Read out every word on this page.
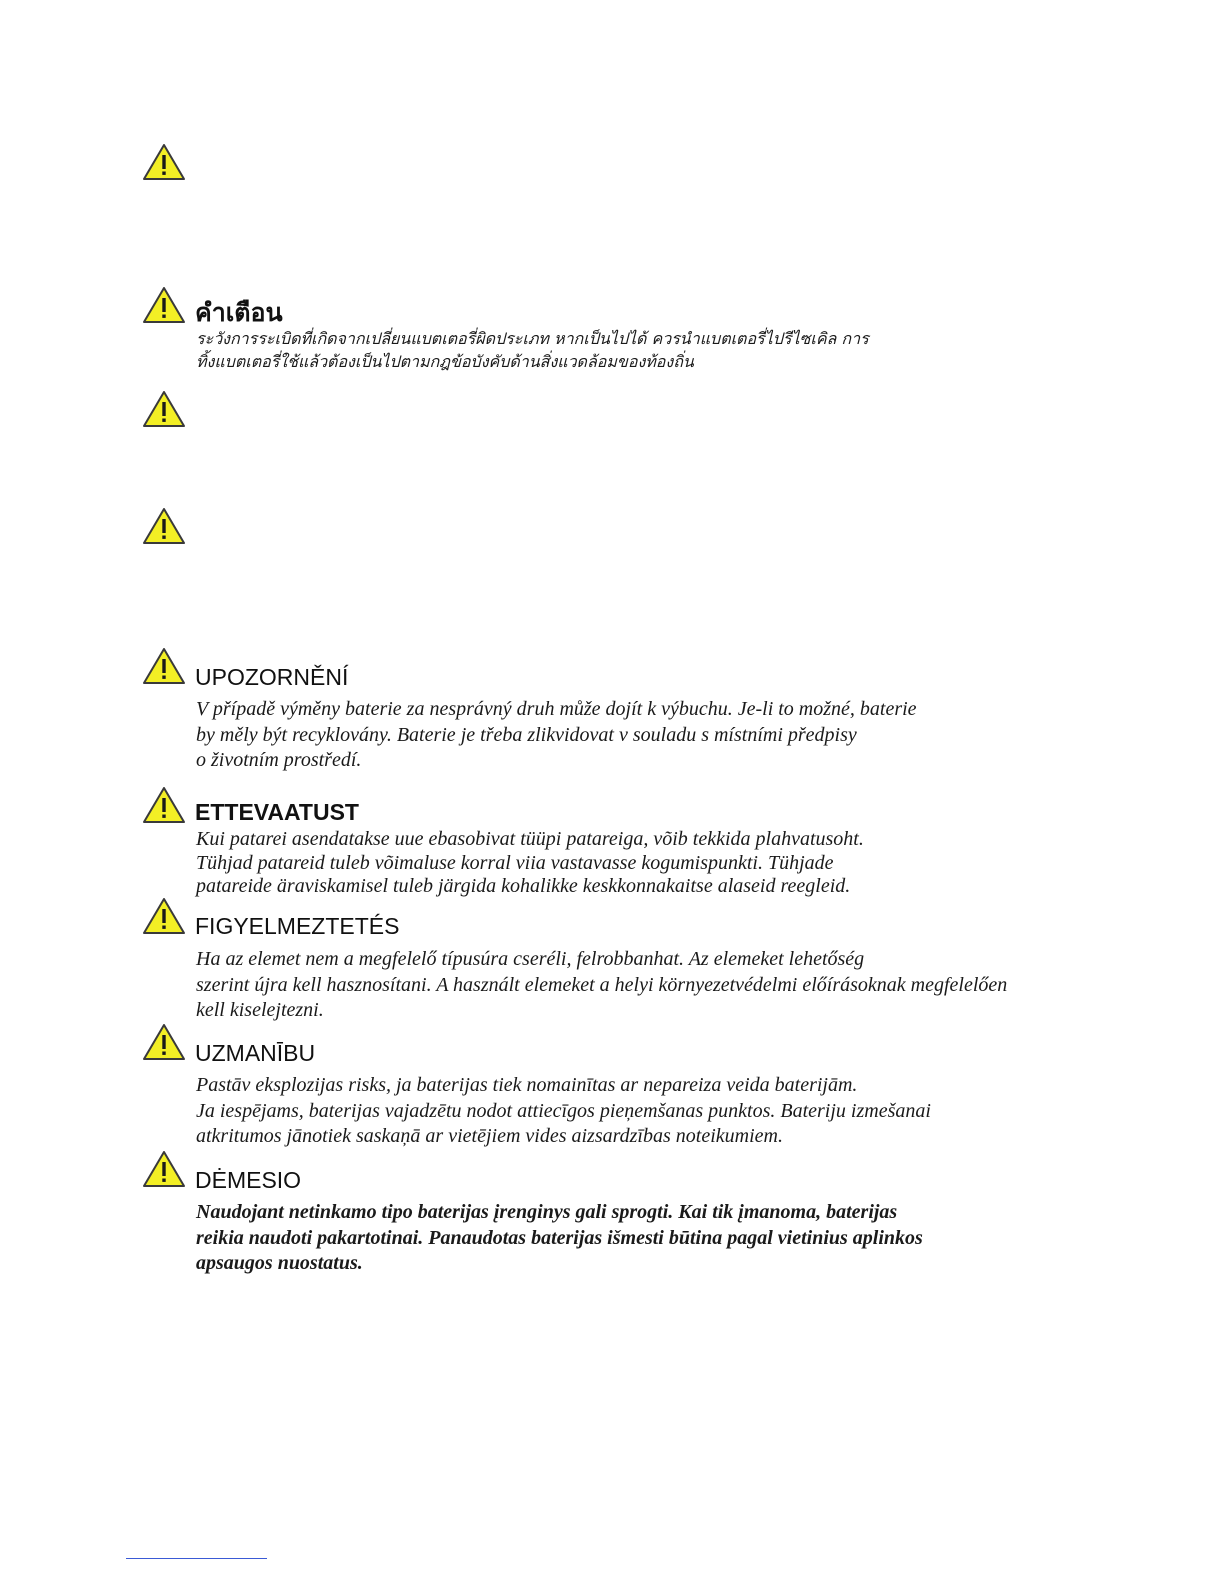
คำเตือน
ระวังการระเบิดที่เกิดจากเปลี่ยนแบตเตอรี่ผิดประเภท หากเป็นไปได้ ควรนำแบตเตอรี่ไปรีไซเคิล การ
ทิ้งแบตเตอรี่ใช้แล้วต้องเป็นไปตามกฎข้อบังคับด้านสิ่งแวดล้อมของท้องถิ่น
UPOZORNĚNÍ
V případě výměny baterie za nesprávný druh může dojít k výbuchu. Je-li to možné, baterie
by měly být recyklovány. Baterie je třeba zlikvidovat v souladu s místními předpisy
o životním prostředí.
ETTEVAATUST
Kui patarei asendatakse uue ebasobivat tüüpi patareiga, võib tekkida plahvatusoht.
Tühjad patareid tuleb võimaluse korral viia vastavasse kogumispunkti. Tühjade
patareide äraviskamisel tuleb järgida kohalikke keskkonnakaitse alaseid reegleid.
FIGYELMEZTETÉS
Ha az elemet nem a megfelelő típusúra cseréli, felrobbanhat. Az elemeket lehetőség
szerint újra kell hasznosítani. A használt elemeket a helyi környezetvédelmi előírásoknak megfelelően
kell kiselejtezni.
UZMANĪBU
Pastāv eksplozijas risks, ja baterijas tiek nomainītas ar nepareiza veida baterijām.
Ja iespējams, baterijas vajadzētu nodot attiecīgos pieņemšanas punktos. Bateriju izmešanai
atkritumos jānotiek saskaņā ar vietējiem vides aizsardzības noteikumiem.
DĖMESIO
Naudojant netinkamo tipo baterijas įrenginys gali sprogti. Kai tik įmanoma, baterijas
reikia naudoti pakartotinai. Panaudotas baterijas išmesti būtina pagal vietinius aplinkos
apsaugos nuostatus.
